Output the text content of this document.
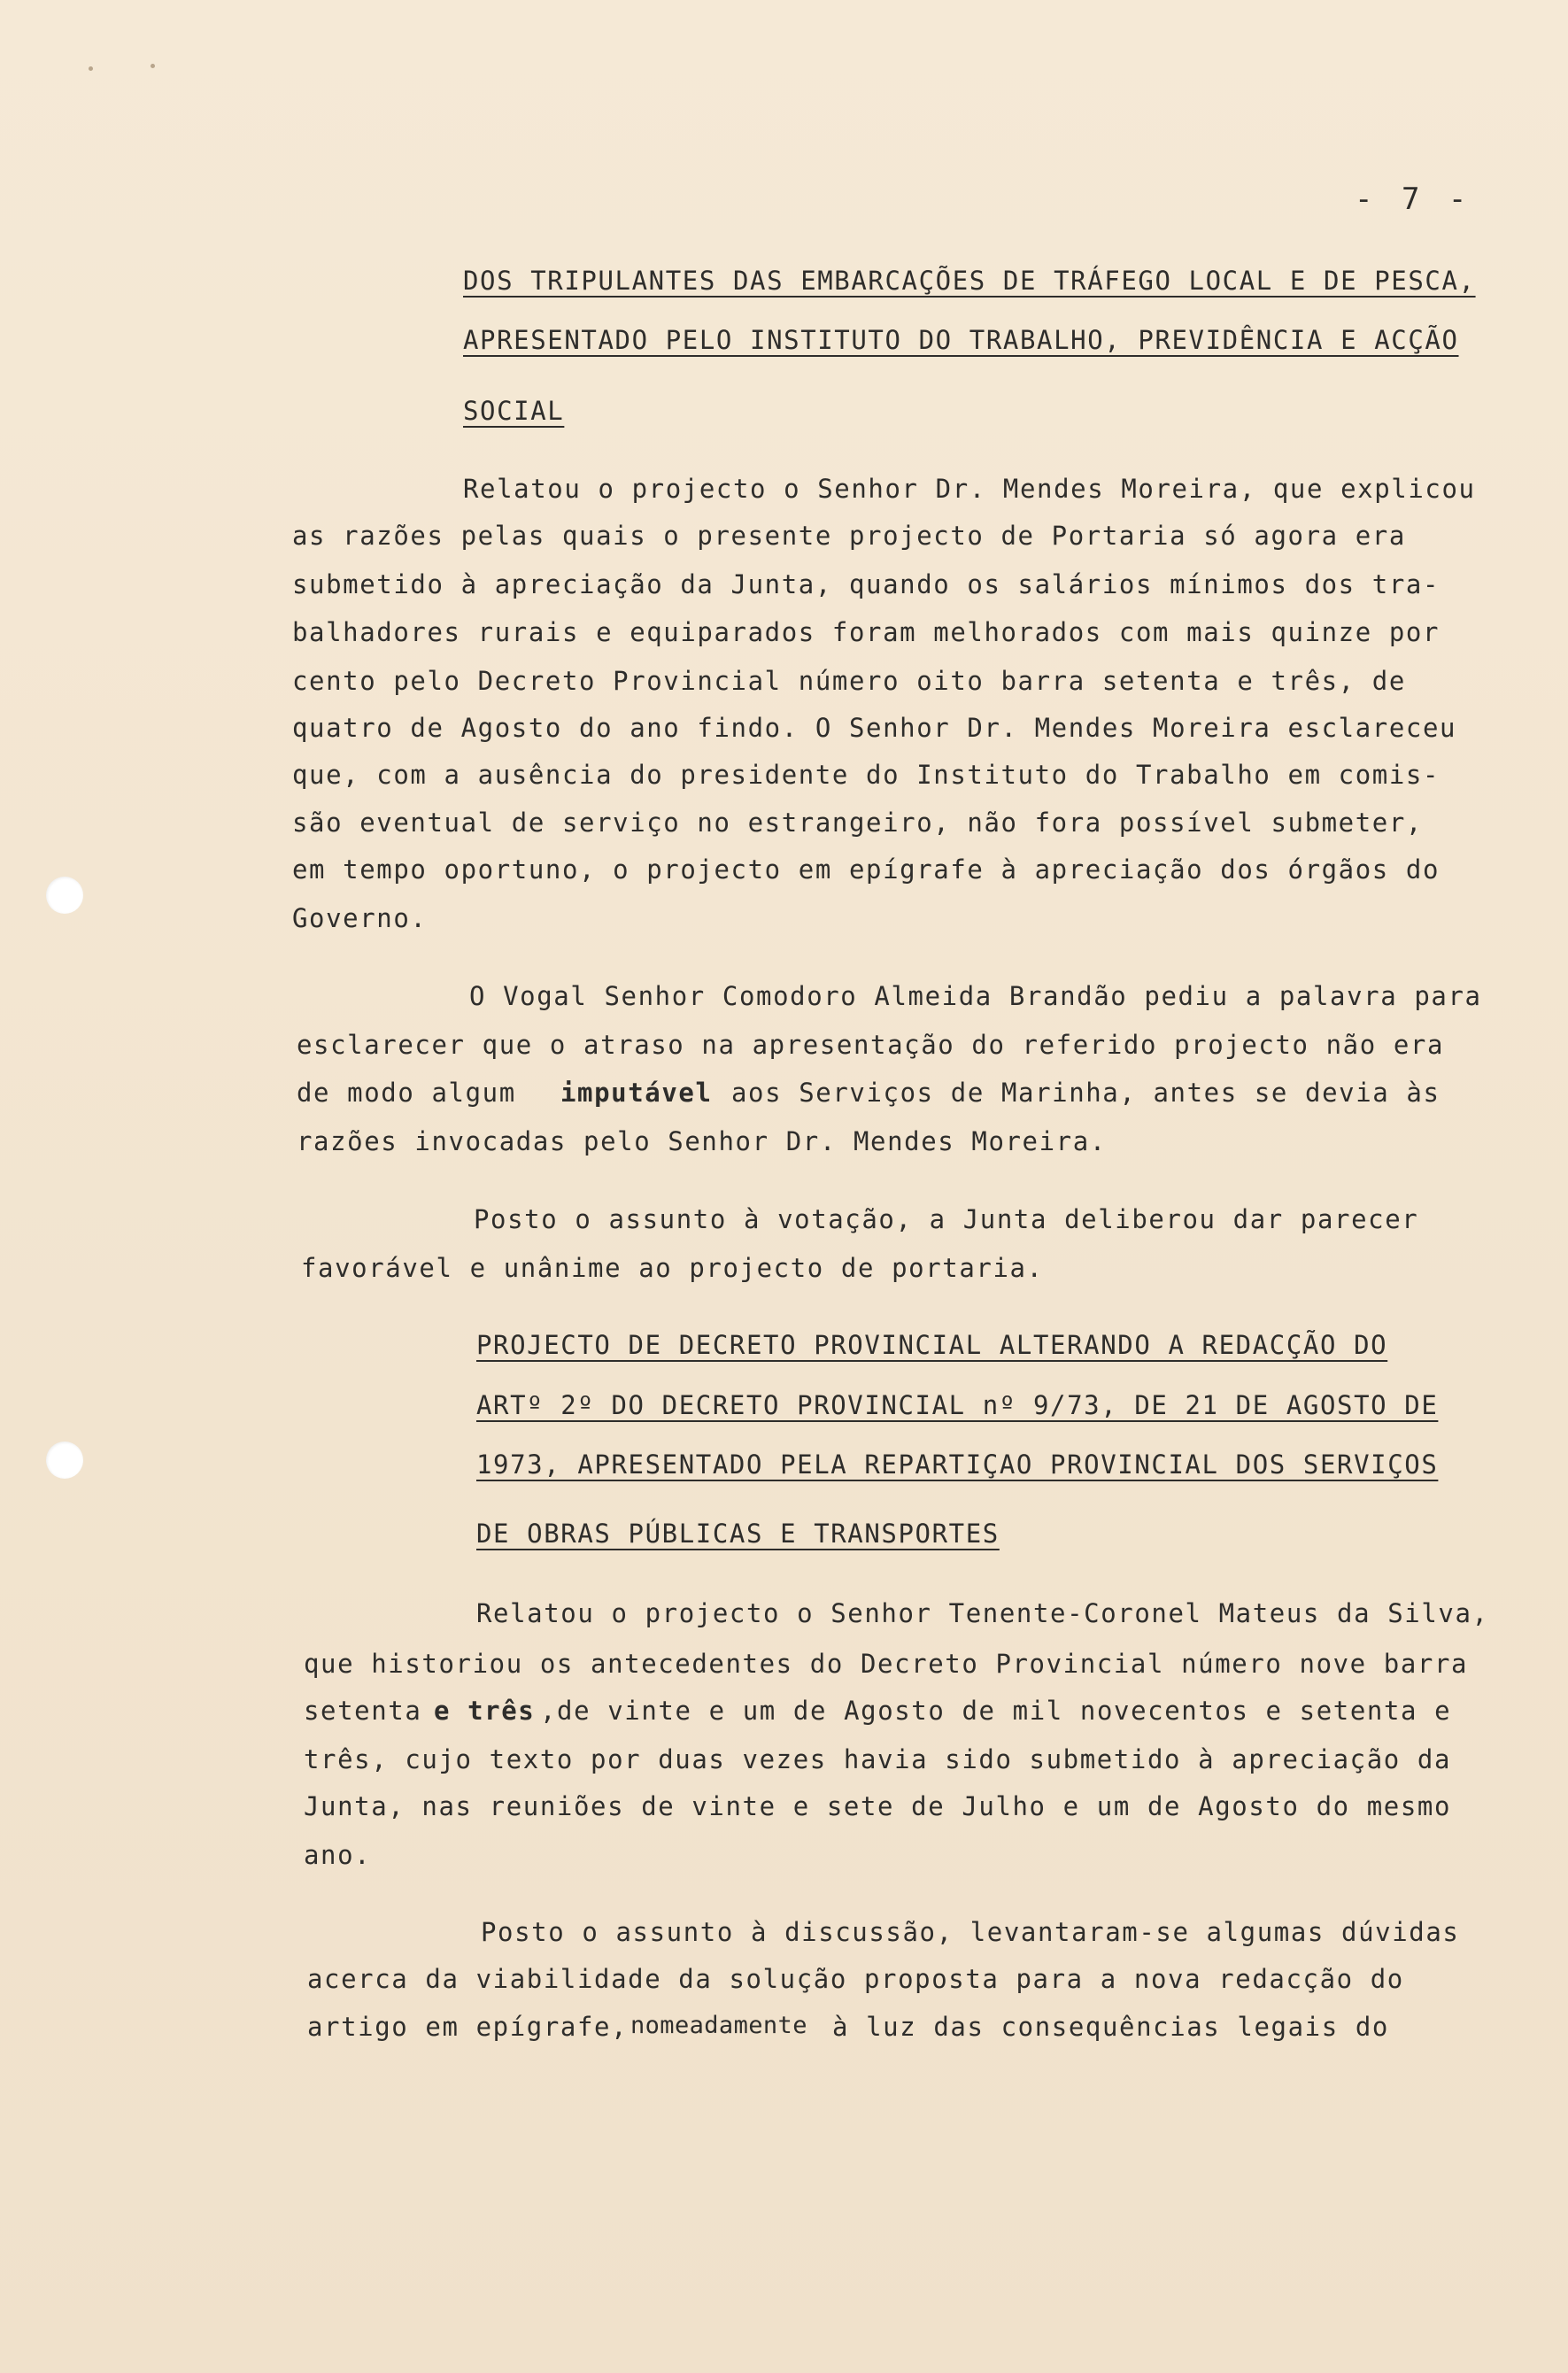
- 7 -
DOS TRIPULANTES DAS EMBARCAÇÕES DE TRÁFEGO LOCAL E DE PESCA,
APRESENTADO PELO INSTITUTO DO TRABALHO, PREVIDÊNCIA E ACÇÃO
SOCIAL
Relatou o projecto o Senhor Dr. Mendes Moreira, que explicou
as razões pelas quais o presente projecto de Portaria só agora era
submetido à apreciação da Junta, quando os salários mínimos dos tra-
balhadores rurais e equiparados foram melhorados com mais quinze por
cento pelo Decreto Provincial número oito barra setenta e três, de
quatro de Agosto do ano findo. O Senhor Dr. Mendes Moreira esclareceu
que, com a ausência do presidente do Instituto do Trabalho em comis-
são eventual de serviço no estrangeiro, não fora possível submeter,
em tempo oportuno, o projecto em epígrafe à apreciação dos órgãos do
Governo.
O Vogal Senhor Comodoro Almeida Brandão pediu a palavra para
esclarecer que o atraso na apresentação do referido projecto não era
de modo algum imputável aos Serviços de Marinha, antes se devia às
razões invocadas pelo Senhor Dr. Mendes Moreira.
Posto o assunto à votação, a Junta deliberou dar parecer
favorável e unânime ao projecto de portaria.
PROJECTO DE DECRETO PROVINCIAL ALTERANDO A REDACÇÃO DO
ARTº 2º DO DECRETO PROVINCIAL nº 9/73, DE 21 DE AGOSTO DE
1973, APRESENTADO PELA REPARTIÇAO PROVINCIAL DOS SERVIÇOS
DE OBRAS PÚBLICAS E TRANSPORTES
Relatou o projecto o Senhor Tenente-Coronel Mateus da Silva,
que historiou os antecedentes do Decreto Provincial número nove barra
setenta e três ,de vinte e um de Agosto de mil novecentos e setenta e
três, cujo texto por duas vezes havia sido submetido à apreciação da
Junta, nas reuniões de vinte e sete de Julho e um de Agosto do mesmo
ano.
Posto o assunto à discussão, levantaram-se algumas dúvidas
acerca da viabilidade da solução proposta para a nova redacção do
artigo em epígrafe, nomeadamente à luz das consequências legais do
